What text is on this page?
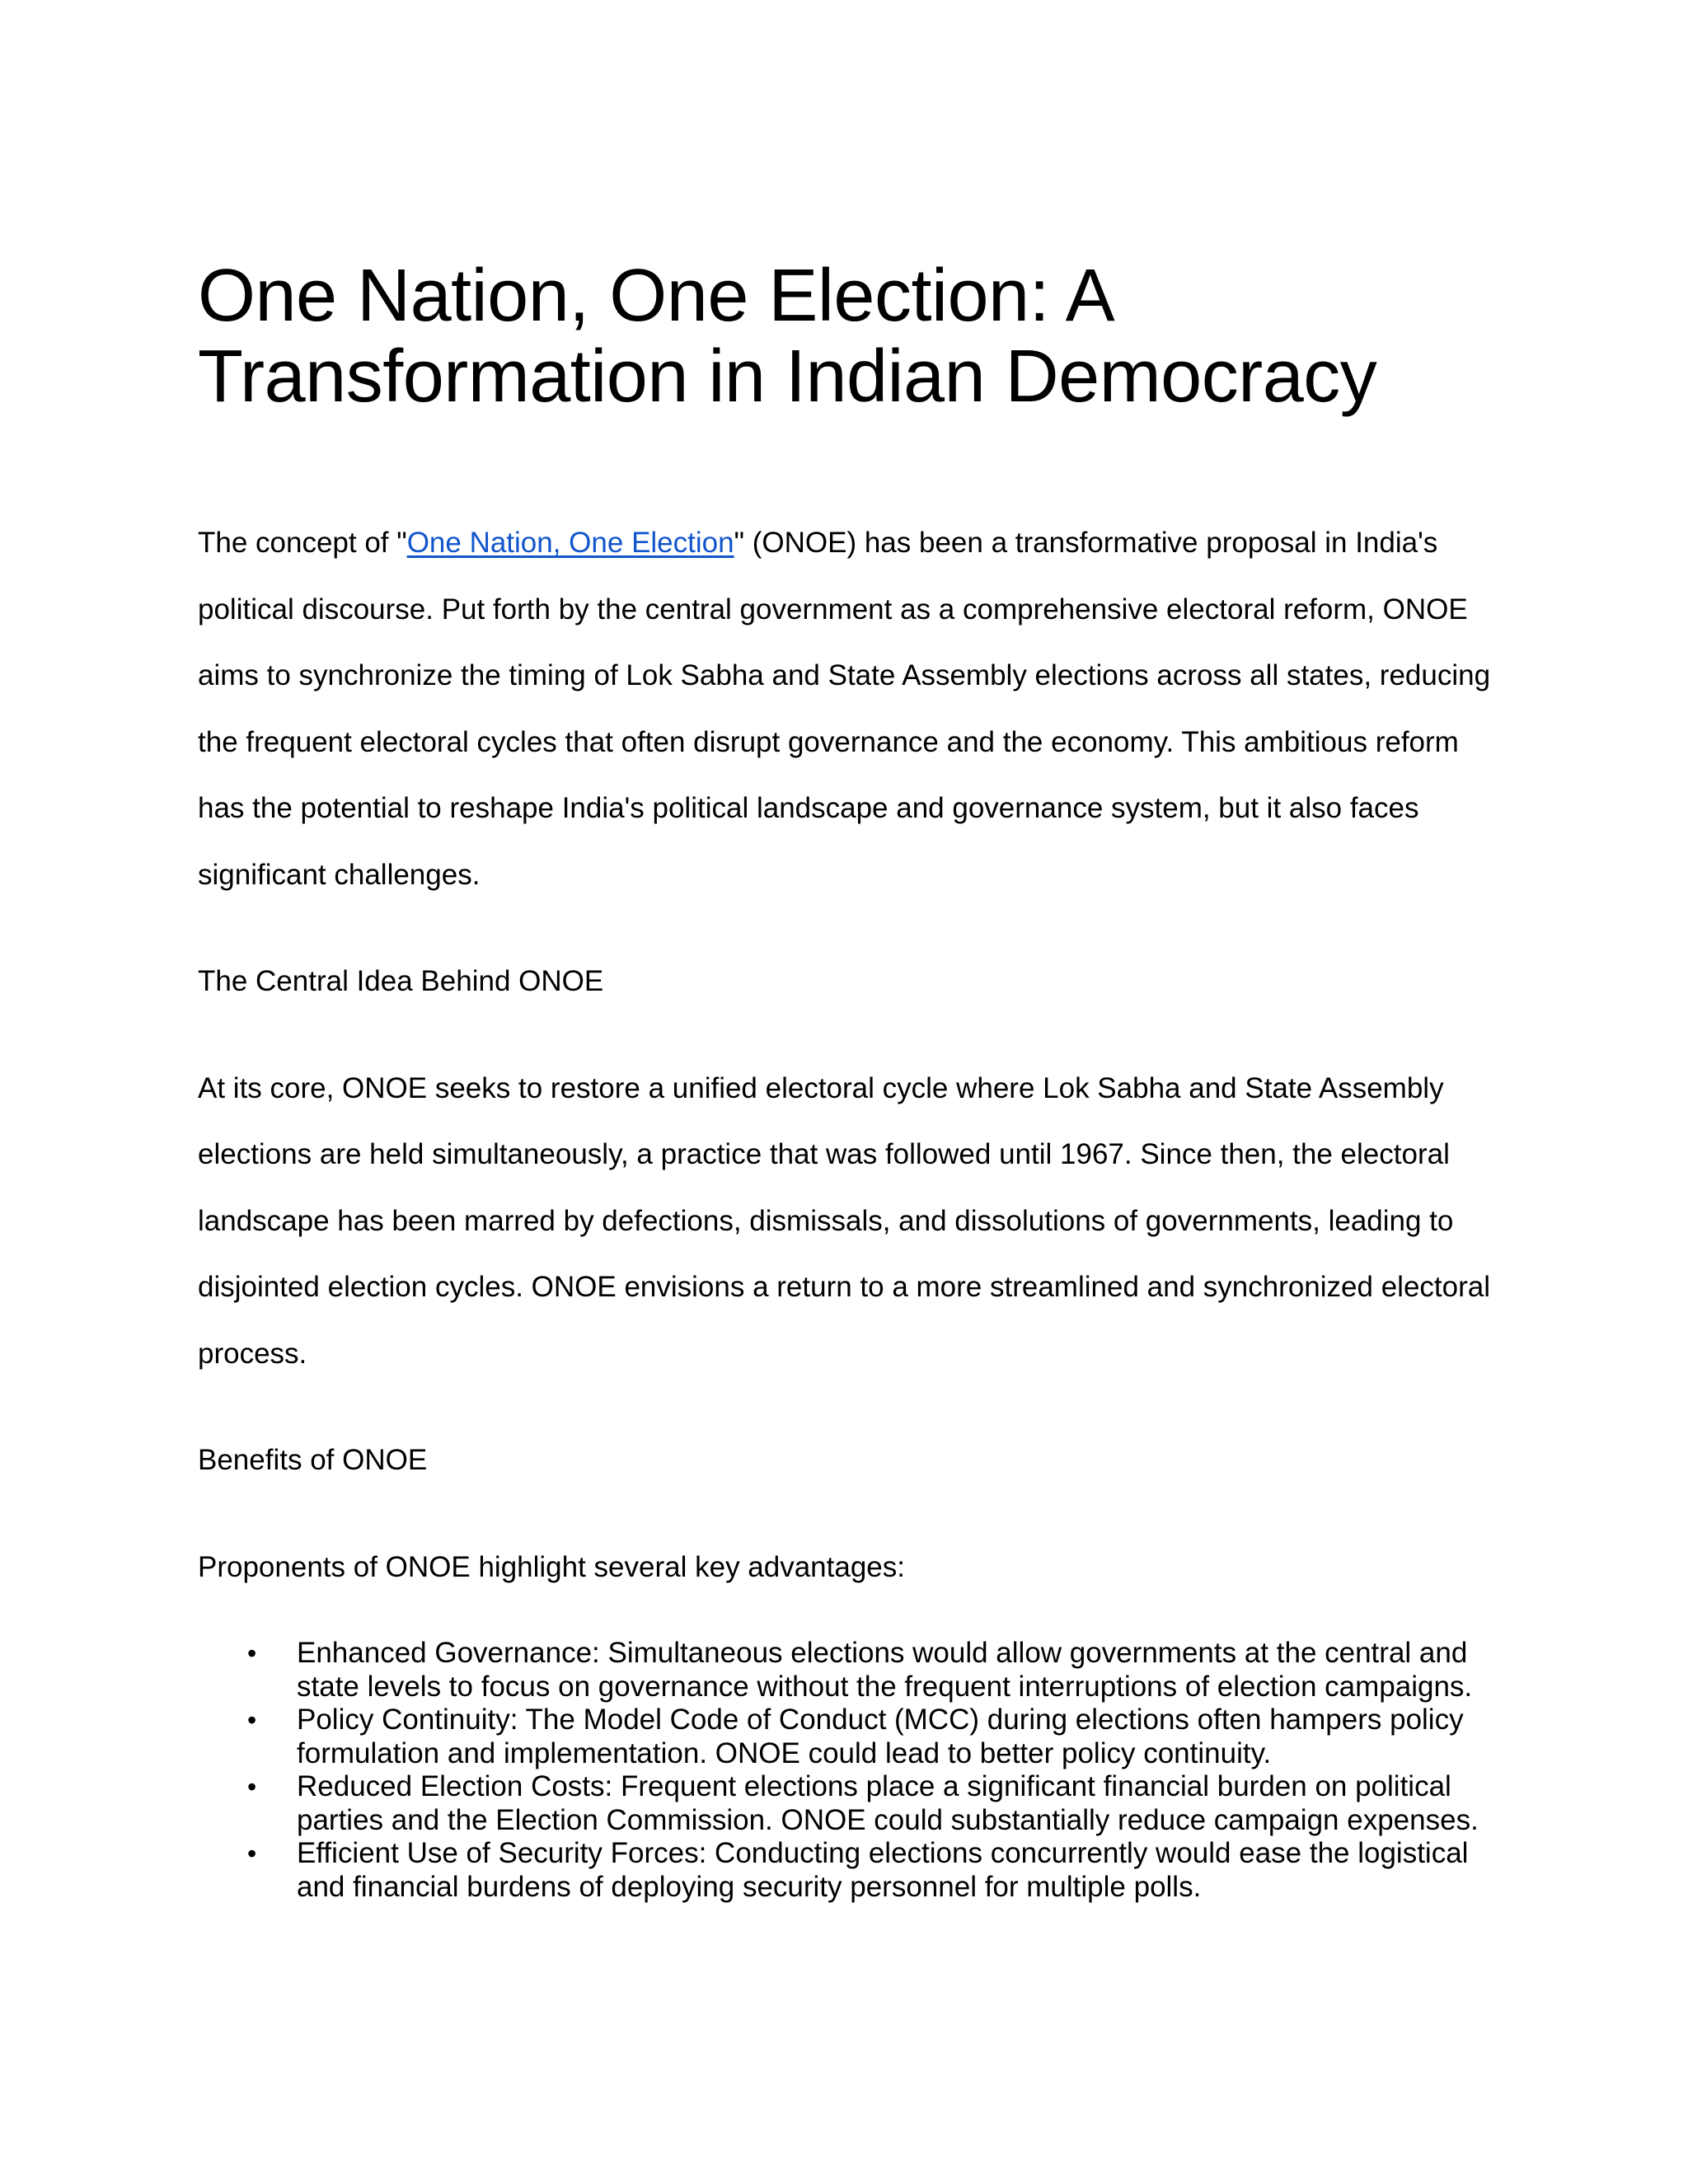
One Nation, One Election: A Transformation in Indian Democracy

The concept of "One Nation, One Election" (ONOE) has been a transformative proposal in India's political discourse. Put forth by the central government as a comprehensive electoral reform, ONOE aims to synchronize the timing of Lok Sabha and State Assembly elections across all states, reducing the frequent electoral cycles that often disrupt governance and the economy. This ambitious reform has the potential to reshape India's political landscape and governance system, but it also faces significant challenges.

The Central Idea Behind ONOE

At its core, ONOE seeks to restore a unified electoral cycle where Lok Sabha and State Assembly elections are held simultaneously, a practice that was followed until 1967. Since then, the electoral landscape has been marred by defections, dismissals, and dissolutions of governments, leading to disjointed election cycles. ONOE envisions a return to a more streamlined and synchronized electoral process.

Benefits of ONOE

Proponents of ONOE highlight several key advantages:

• Enhanced Governance: Simultaneous elections would allow governments at the central and state levels to focus on governance without the frequent interruptions of election campaigns.
• Policy Continuity: The Model Code of Conduct (MCC) during elections often hampers policy formulation and implementation. ONOE could lead to better policy continuity.
• Reduced Election Costs: Frequent elections place a significant financial burden on political parties and the Election Commission. ONOE could substantially reduce campaign expenses.
• Efficient Use of Security Forces: Conducting elections concurrently would ease the logistical and financial burdens of deploying security personnel for multiple polls.
